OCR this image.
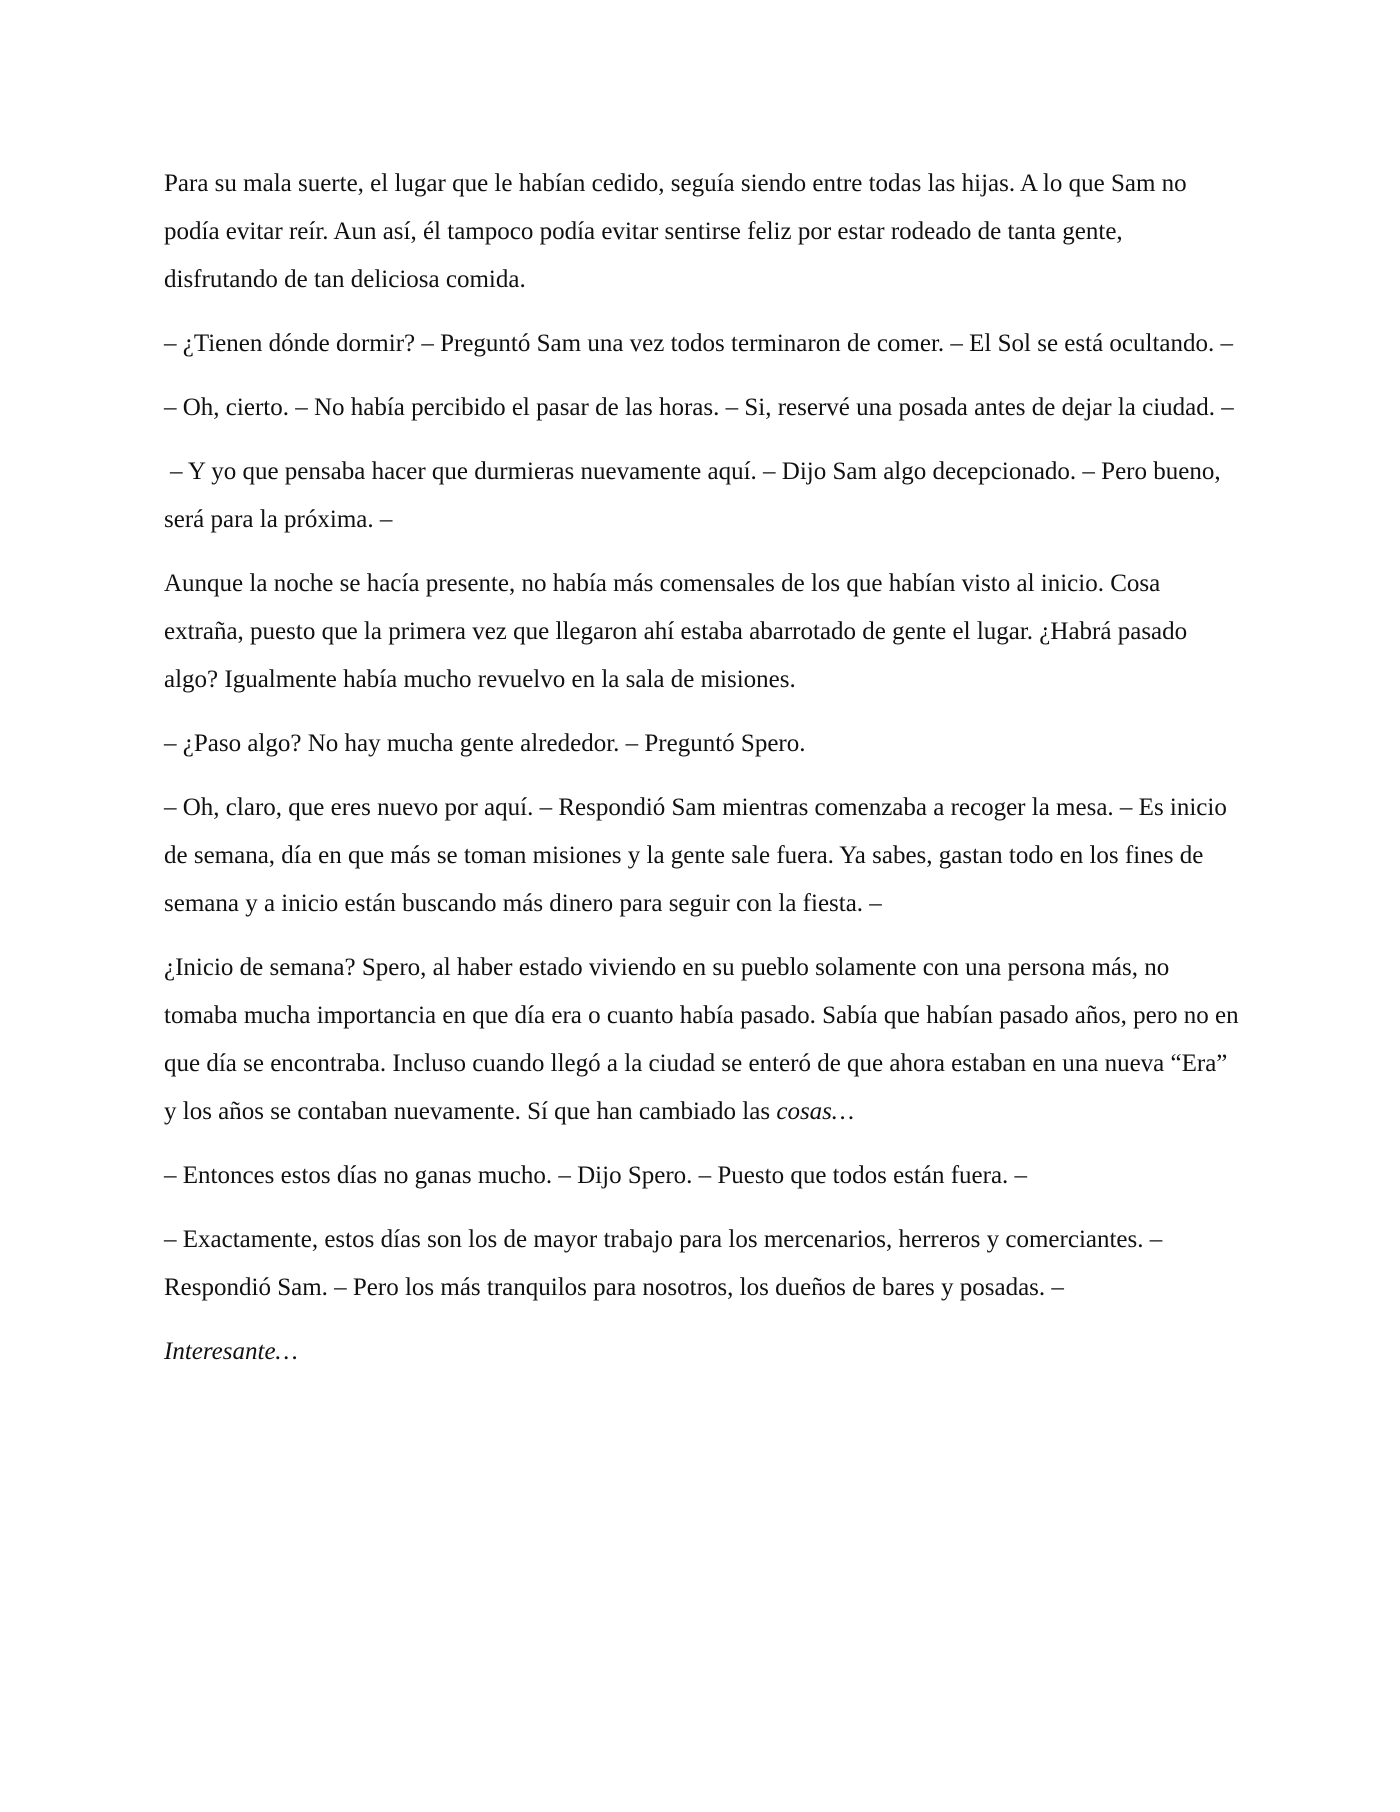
Para su mala suerte, el lugar que le habían cedido, seguía siendo entre todas las hijas. A lo que Sam no podía evitar reír. Aun así, él tampoco podía evitar sentirse feliz por estar rodeado de tanta gente, disfrutando de tan deliciosa comida.

– ¿Tienen dónde dormir? – Preguntó Sam una vez todos terminaron de comer. – El Sol se está ocultando. –

– Oh, cierto. – No había percibido el pasar de las horas. – Si, reservé una posada antes de dejar la ciudad. –

– Y yo que pensaba hacer que durmieras nuevamente aquí. – Dijo Sam algo decepcionado. – Pero bueno, será para la próxima. –

Aunque la noche se hacía presente, no había más comensales de los que habían visto al inicio. Cosa extraña, puesto que la primera vez que llegaron ahí estaba abarrotado de gente el lugar. ¿Habrá pasado algo? Igualmente había mucho revuelvo en la sala de misiones.

– ¿Paso algo? No hay mucha gente alrededor. – Preguntó Spero.

– Oh, claro, que eres nuevo por aquí. – Respondió Sam mientras comenzaba a recoger la mesa. – Es inicio de semana, día en que más se toman misiones y la gente sale fuera. Ya sabes, gastan todo en los fines de semana y a inicio están buscando más dinero para seguir con la fiesta. –

¿Inicio de semana? Spero, al haber estado viviendo en su pueblo solamente con una persona más, no tomaba mucha importancia en que día era o cuanto había pasado. Sabía que habían pasado años, pero no en que día se encontraba. Incluso cuando llegó a la ciudad se enteró de que ahora estaban en una nueva “Era” y los años se contaban nuevamente. Sí que han cambiado las cosas…

– Entonces estos días no ganas mucho. – Dijo Spero. – Puesto que todos están fuera. –

– Exactamente, estos días son los de mayor trabajo para los mercenarios, herreros y comerciantes. – Respondió Sam. – Pero los más tranquilos para nosotros, los dueños de bares y posadas. –

Interesante…
